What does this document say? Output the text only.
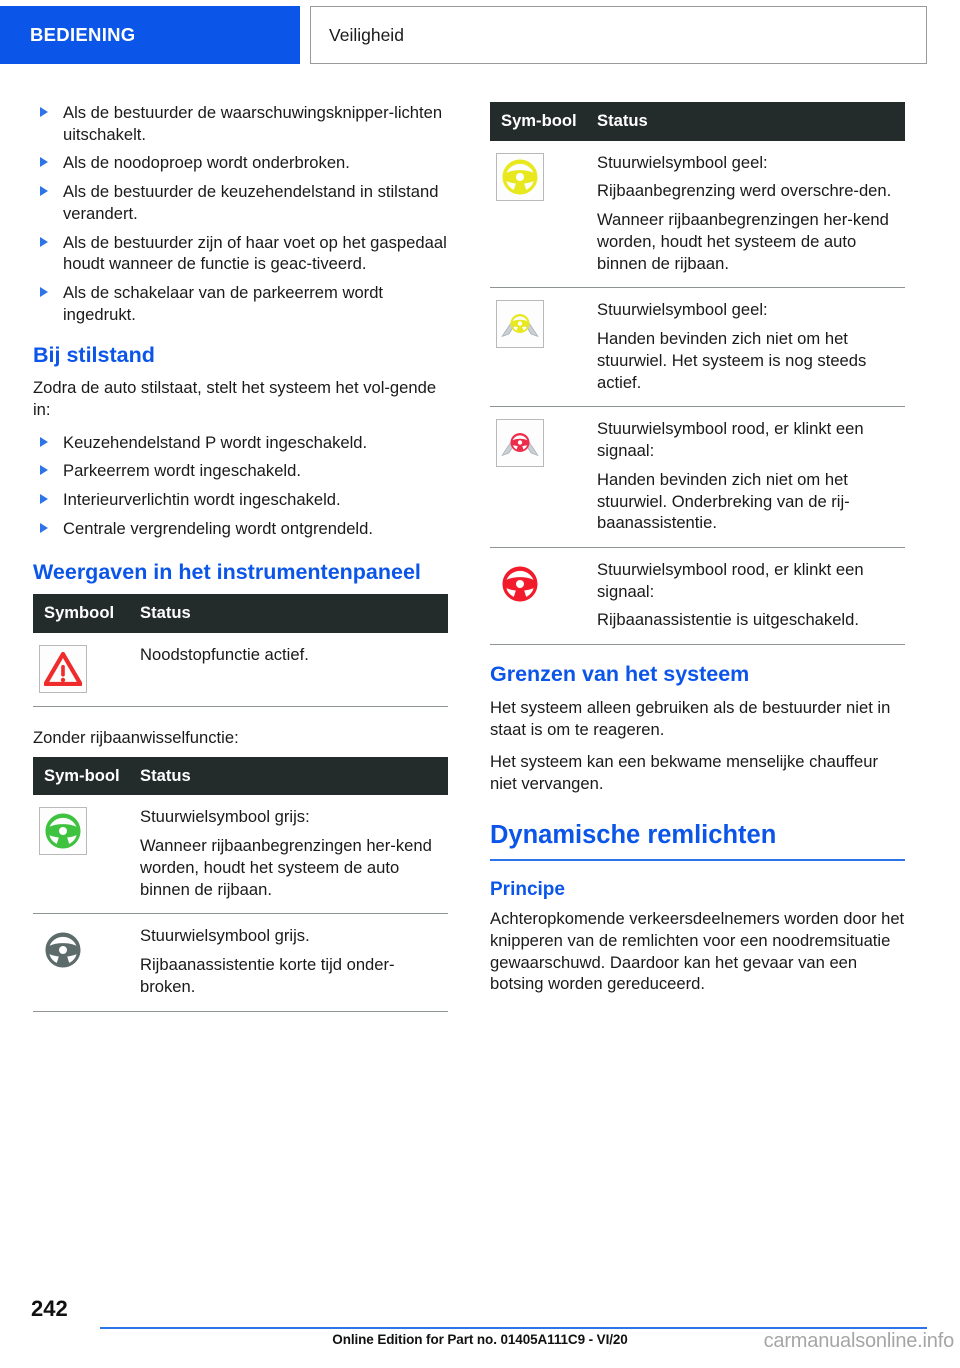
BEDIENING	Veiligheid
Als de bestuurder de waarschuwingsknipper-lichten uitschakelt.
Als de noodoproep wordt onderbroken.
Als de bestuurder de keuzehendelstand in stilstand verandert.
Als de bestuurder zijn of haar voet op het gaspedaal houdt wanneer de functie is geac-tiveerd.
Als de schakelaar van de parkeerrem wordt ingedrukt.
Bij stilstand

Zodra de auto stilstaat, stelt het systeem het vol-gende in:

Keuzehendelstand P wordt ingeschakeld.
Parkeerrem wordt ingeschakeld.
Interieurverlichtin wordt ingeschakeld.
Centrale vergrendeling wordt ontgrendeld.
Weergaven in het instrumentenpaneel
Symbool	Status

Noodstopfunctie actief.

Zonder rijbaanwisselfunctie:

Sym-bool	Status

Stuurwielsymbool grijs:

Wanneer rijbaanbegrenzingen her-kend worden, houdt het systeem de auto binnen de rijbaan.

Stuurwielsymbool grijs.

Rijbaanassistentie korte tijd onder-broken.

Sym-bool	Status

Stuurwielsymbool geel:

Rijbaanbegrenzing werd overschre-den.

Wanneer rijbaanbegrenzingen her-kend worden, houdt het systeem de auto binnen de rijbaan.

Stuurwielsymbool geel:

Handen bevinden zich niet om het stuurwiel. Het systeem is nog steeds actief.

Stuurwielsymbool rood, er klinkt een signaal:

Handen bevinden zich niet om het stuurwiel. Onderbreking van de rij-baanassistentie.

Stuurwielsymbool rood, er klinkt een signaal:

Rijbaanassistentie is uitgeschakeld.

Grenzen van het systeem

Het systeem alleen gebruiken als de bestuurder niet in staat is om te reageren.

Het systeem kan een bekwame menselijke chauffeur niet vervangen.

Dynamische remlichten
Principe

Achteropkomende verkeersdeelnemers worden door het knipperen van de remlichten voor een noodremsituatie gewaarschuwd. Daardoor kan het gevaar van een botsing worden gereduceerd.

242
Online Edition for Part no. 01405A111C9 - VI/20	carmanualsonline.info
